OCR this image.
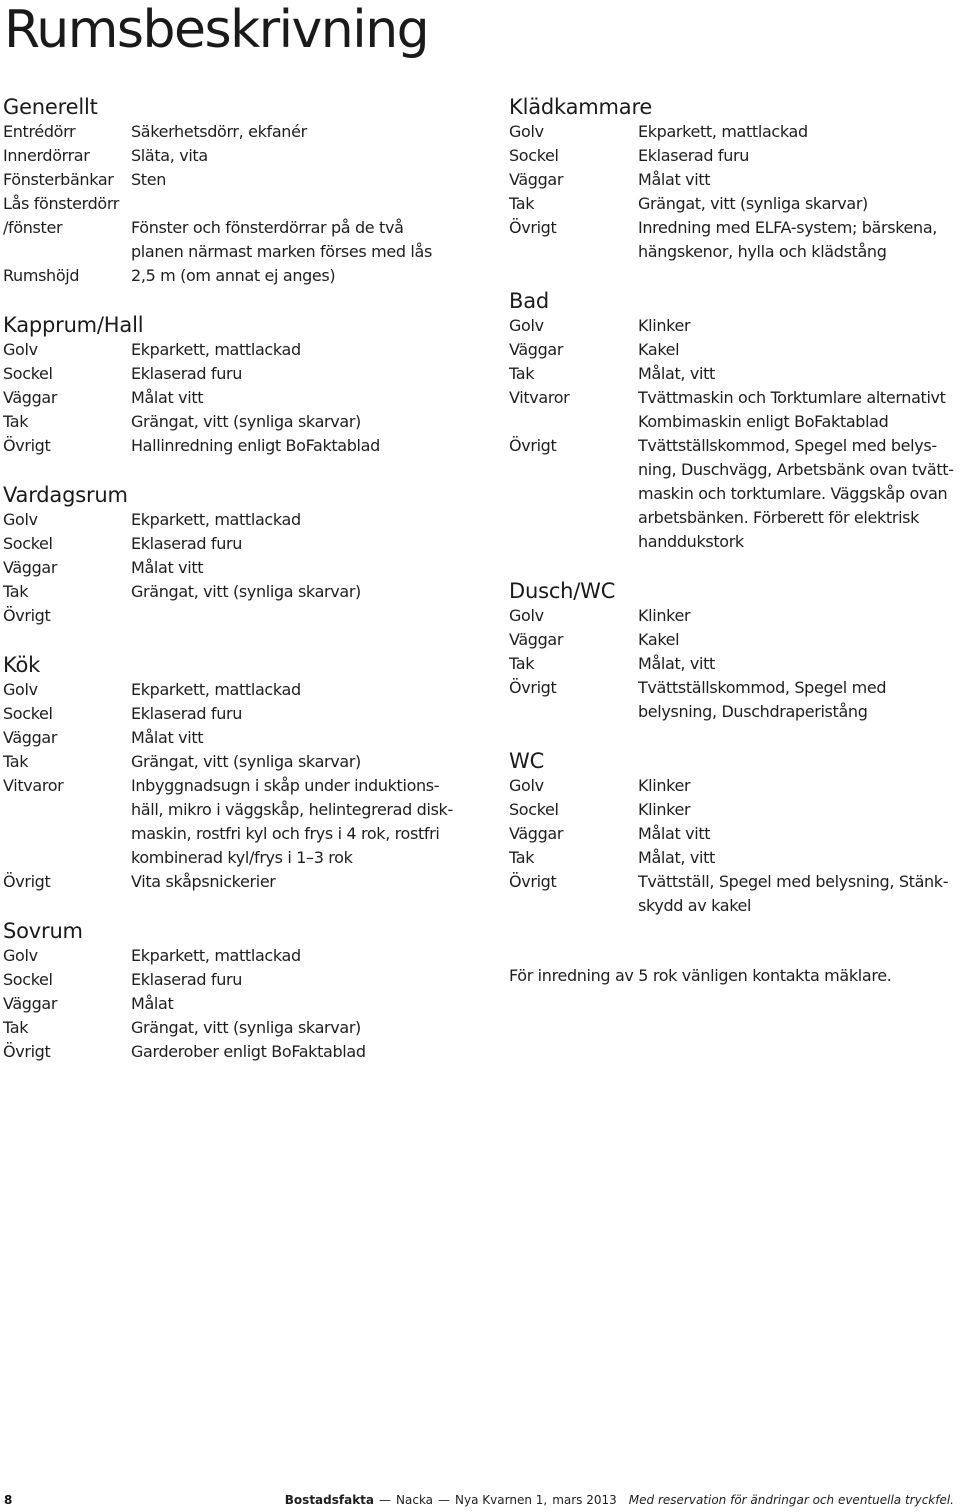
Rumsbeskrivning
Generellt
Entrédörr	Säkerhetsdörr, ekfanér
Innerdörrar	Släta, vita
Fönsterbänkar	Sten
Lås fönsterdörr
/fönster	Fönster och fönsterdörrar på de två
planen närmast marken förses med lås
Rumshöjd	2,5 m (om annat ej anges)
Kapprum/Hall
Golv	Ekparkett, mattlackad
Sockel	Eklaserad furu
Väggar	Målat vitt
Tak	Grängat, vitt (synliga skarvar)
Övrigt	Hallinredning enligt BoFaktablad
Vardagsrum
Golv	Ekparkett, mattlackad
Sockel	Eklaserad furu
Väggar	Målat vitt
Tak	Grängat, vitt (synliga skarvar)
Övrigt
Kök
Golv	Ekparkett, mattlackad
Sockel	Eklaserad furu
Väggar	Målat vitt
Tak	Grängat, vitt (synliga skarvar)
Vitvaror	Inbyggnadsugn i skåp under induktions-
häll, mikro i väggskåp, helintegrerad disk-
maskin, rostfri kyl och frys i 4 rok, rostfri
kombinerad kyl/frys i 1–3 rok
Övrigt	Vita skåpsnickerier
Sovrum
Golv	Ekparkett, mattlackad
Sockel	Eklaserad furu
Väggar	Målat
Tak	Grängat, vitt (synliga skarvar)
Övrigt	Garderober enligt BoFaktablad
Klädkammare
Golv	Ekparkett, mattlackad
Sockel	Eklaserad furu
Väggar	Målat vitt
Tak	Grängat, vitt (synliga skarvar)
Övrigt	Inredning med ELFA-system; bärskena,
hängskenor, hylla och klädstång
Bad
Golv	Klinker
Väggar	Kakel
Tak	Målat, vitt
Vitvaror	Tvättmaskin och Torktumlare alternativt
Kombimaskin enligt BoFaktablad
Övrigt	Tvättställskommod, Spegel med belys-
ning, Duschvägg, Arbetsbänk ovan tvätt-
maskin och torktumlare. Väggskåp ovan
arbetsbänken. Förberett för elektrisk
handdukstork
Dusch/WC
Golv	Klinker
Väggar	Kakel
Tak	Målat, vitt
Övrigt	Tvättställskommod, Spegel med
belysning, Duschdraperistång
WC
Golv	Klinker
Sockel	Klinker
Väggar	Målat vitt
Tak	Målat, vitt
Övrigt	Tvättställ, Spegel med belysning, Stänk-
skydd av kakel
För inredning av 5 rok vänligen kontakta mäklare.
8	Bostadsfakta — Nacka — Nya Kvarnen 1, mars 2013 Med reservation för ändringar och eventuella tryckfel.
